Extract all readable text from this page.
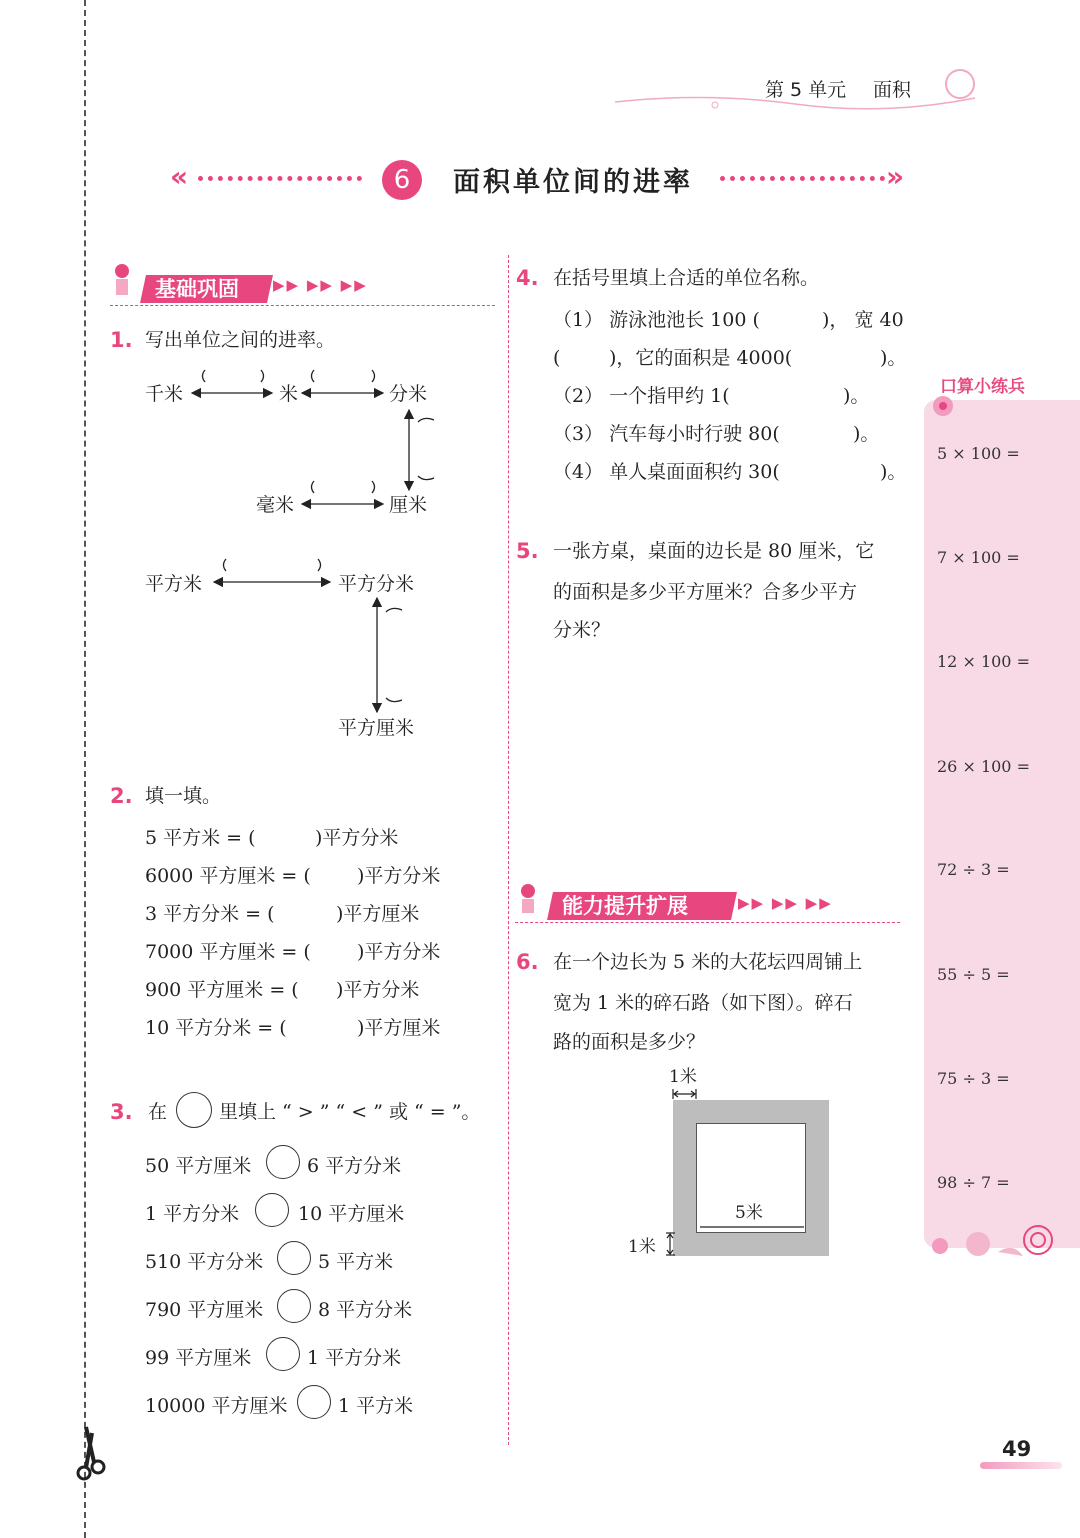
第 5 单元 面积
«	6	面积单位间的进率	»
基础巩固	▶▶ ▶▶ ▶▶
1. 写出单位之间的进率。
千米	米	分米
毫米	厘米
平方米	平方分米
平方厘米
2. 填一填。
5 平方米 = (	)平方分米
6000 平方厘米 = ( )平方分米
3 平方分米 = (	)平方厘米
7000 平方厘米 = ( )平方分米
900 平方厘米 = ( )平方分米
10 平方分米 = (	)平方厘米
3. 在	里填上 “ > ” “ < ” 或 “ = ”。
50 平方厘米	6 平方分米
1 平方分米	10 平方厘米
510 平方分米	5 平方米
790 平方厘米	8 平方分米
99 平方厘米	1 平方分米
10000 平方厘米	1 平方米
4. 在括号里填上合适的单位名称。
（1） 游泳池池长 100 (	)， 宽 40
(	)，它的面积是 4000(	)。
（2） 一个指甲约 1(	)。
（3） 汽车每小时行驶 80(	)。
（4） 单人桌面面积约 30(	)。
5. 一张方桌，桌面的边长是 80 厘米，它
的面积是多少平方厘米？合多少平方
分米？
能力提升扩展	▶▶ ▶▶ ▶▶
6. 在一个边长为 5 米的大花坛四周铺上
宽为 1 米的碎石路（如下图）。碎石
路的面积是多少？
1米
5米
1米
口算小练兵
5 × 100 =
7 × 100 =
12 × 100 =
26 × 100 =
72 ÷ 3 =
55 ÷ 5 =
75 ÷ 3 =
98 ÷ 7 =
49
